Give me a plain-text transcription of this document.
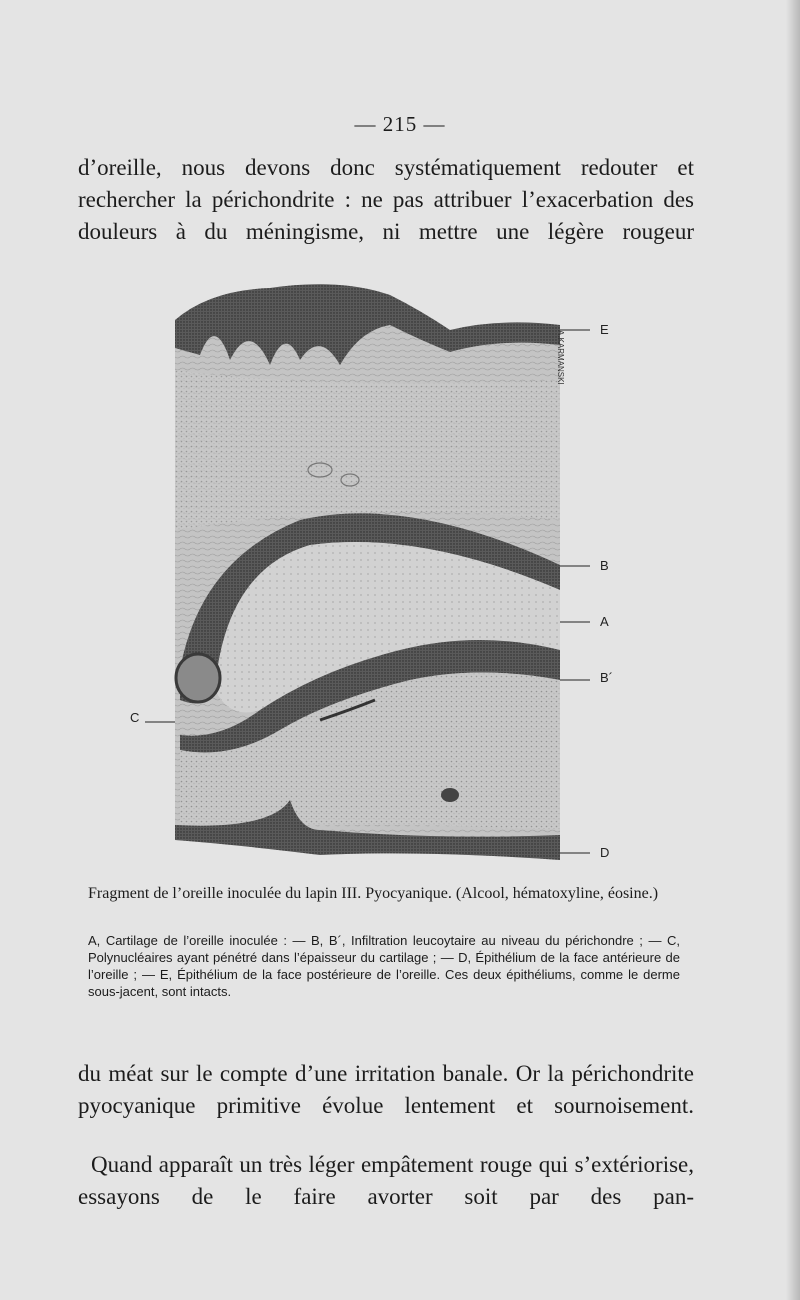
— 215 —
d’oreille, nous devons donc systématiquement redouter et rechercher la périchondrite : ne pas attribuer l’exacerbation des douleurs à du méningisme, ni mettre une légère rougeur
E
B
A
B´
C
D
A.KARMANSKI
Fragment de l’oreille inoculée du lapin III. Pyocyanique. (Alcool, hématoxyline, éosine.)
A, Cartilage de l’oreille inoculée : — B, B´, Infiltration leucoytaire au niveau du périchondre ; — C, Polynucléaires ayant pénétré dans l’épaisseur du cartilage ; — D, Épithélium de la face antérieure de l’oreille ; — E, Épithélium de la face postérieure de l’oreille. Ces deux épithéliums, comme le derme sous-jacent, sont intacts.
du méat sur le compte d’une irritation banale. Or la périchondrite pyocyanique primitive évolue lentement et sournoisement.
Quand apparaît un très léger empâtement rouge qui s’extériorise, essayons de le faire avorter soit par des pan-
